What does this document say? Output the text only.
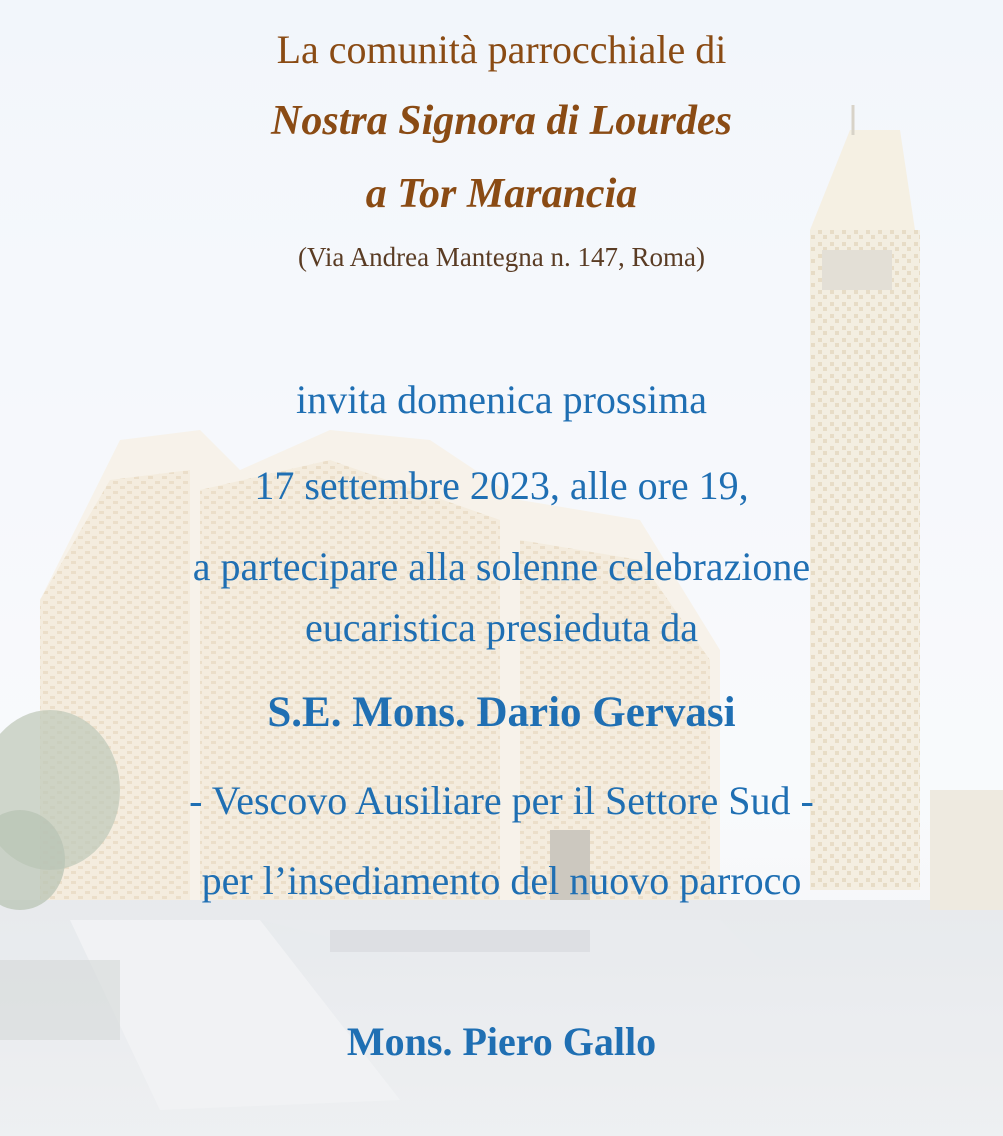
La comunità parrocchiale di
Nostra Signora di Lourdes
a Tor Marancia
(Via Andrea Mantegna n. 147, Roma)
invita domenica prossima
17 settembre 2023, alle ore 19,
a partecipare alla solenne celebrazione
eucaristica presieduta da
S.E. Mons. Dario Gervasi
- Vescovo Ausiliare per il Settore Sud -
per l’insediamento del nuovo parroco
Mons. Piero Gallo
